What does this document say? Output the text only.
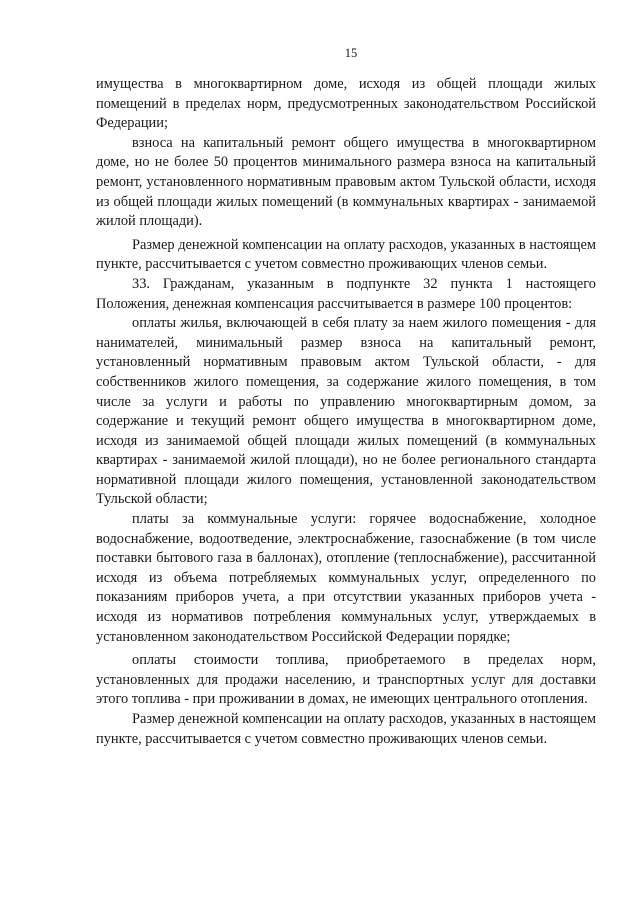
15

имущества в многоквартирном доме, исходя из общей площади жилых помещений в пределах норм, предусмотренных законодательством Российской Федерации;

взноса на капитальный ремонт общего имущества в многоквартирном доме, но не более 50 процентов минимального размера взноса на капитальный ремонт, установленного нормативным правовым актом Тульской области, исходя из общей площади жилых помещений (в коммунальных квартирах - занимаемой жилой площади).

Размер денежной компенсации на оплату расходов, указанных в настоящем пункте, рассчитывается с учетом совместно проживающих членов семьи.

33. Гражданам, указанным в подпункте 32 пункта 1 настоящего Положения, денежная компенсация рассчитывается в размере 100 процентов:

оплаты жилья, включающей в себя плату за наем жилого помещения - для нанимателей, минимальный размер взноса на капитальный ремонт, установленный нормативным правовым актом Тульской области, - для собственников жилого помещения, за содержание жилого помещения, в том числе за услуги и работы по управлению многоквартирным домом, за содержание и текущий ремонт общего имущества в многоквартирном доме, исходя из занимаемой общей площади жилых помещений (в коммунальных квартирах - занимаемой жилой площади), но не более регионального стандарта нормативной площади жилого помещения, установленной законодательством Тульской области;

платы за коммунальные услуги: горячее водоснабжение, холодное водоснабжение, водоотведение, электроснабжение, газоснабжение (в том числе поставки бытового газа в баллонах), отопление (теплоснабжение), рассчитанной исходя из объема потребляемых коммунальных услуг, определенного по показаниям приборов учета, а при отсутствии указанных приборов учета - исходя из нормативов потребления коммунальных услуг, утверждаемых в установленном законодательством Российской Федерации порядке;

оплаты стоимости топлива, приобретаемого в пределах норм, установленных для продажи населению, и транспортных услуг для доставки этого топлива - при проживании в домах, не имеющих центрального отопления.

Размер денежной компенсации на оплату расходов, указанных в настоящем пункте, рассчитывается с учетом совместно проживающих членов семьи.
